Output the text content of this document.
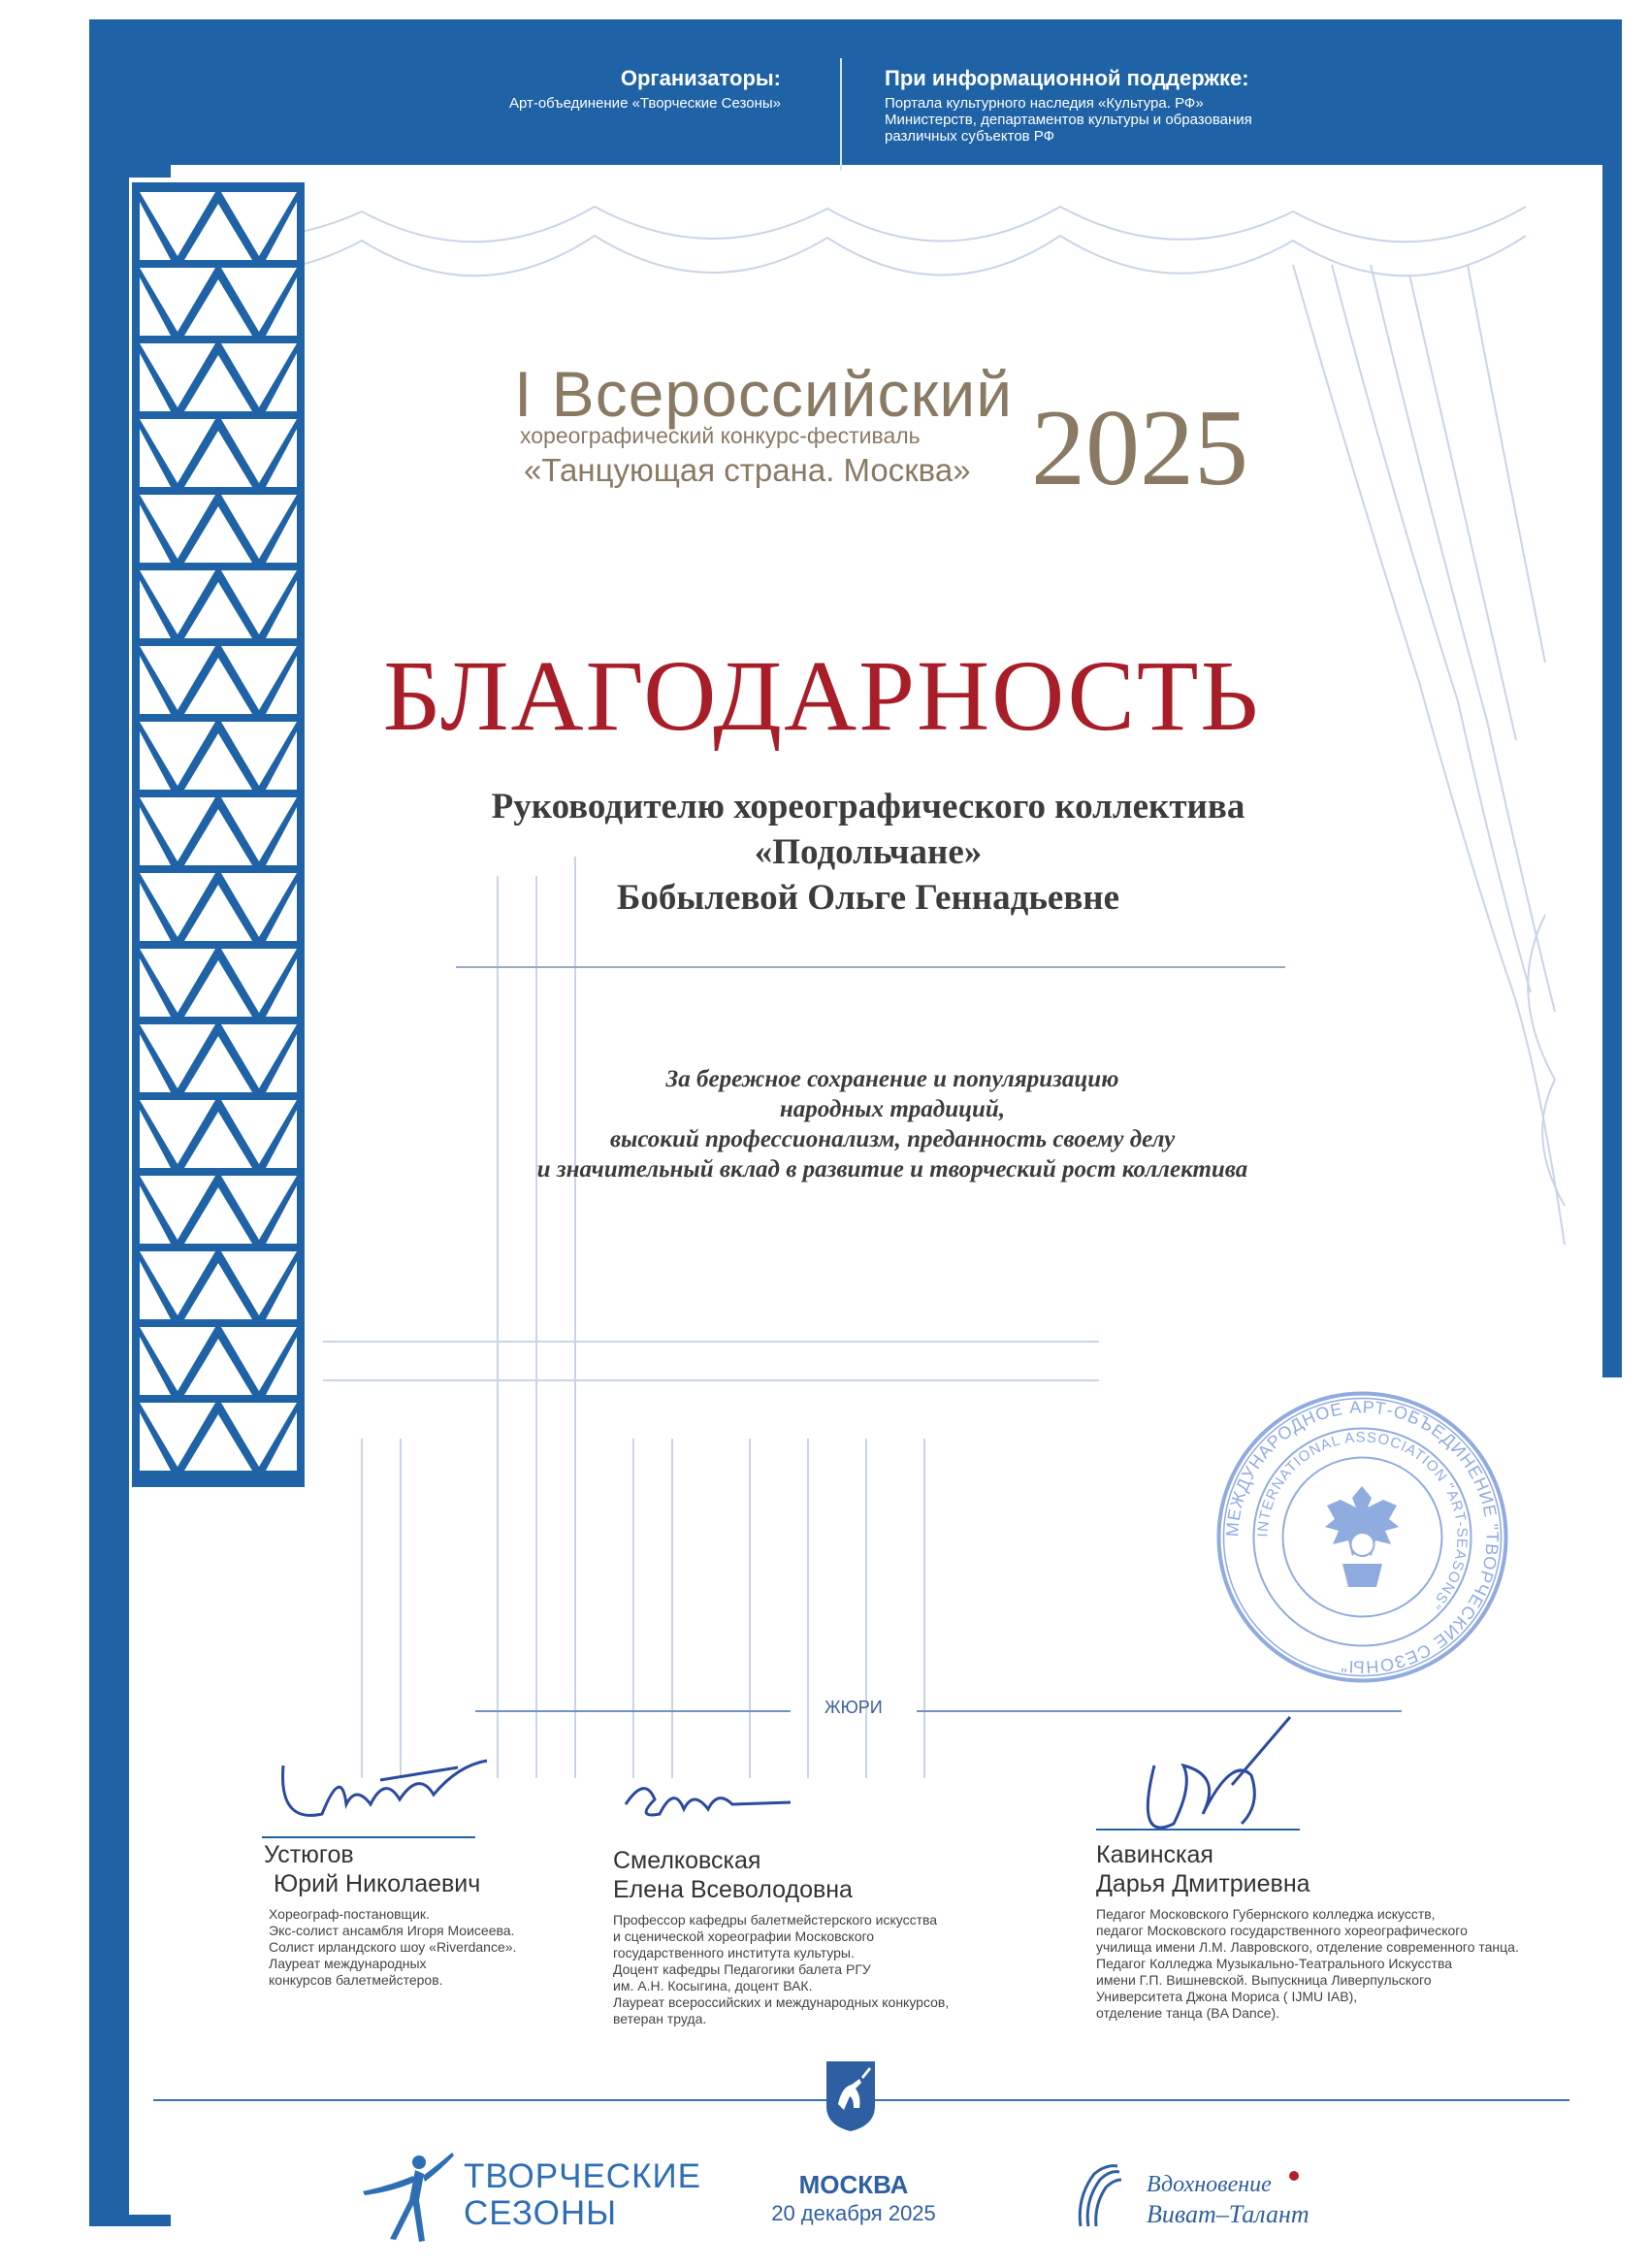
Организаторы:
Арт-объединение «Творческие Сезоны»
При информационной поддержке:
Портала культурного наследия «Культура. РФ»
Министерств, департаментов культуры и образования
различных субъектов РФ
I Всероссийский
хореографический конкурс-фестиваль
«Танцующая страна. Москва» 2025
БЛАГОДАРНОСТЬ
Руководителю хореографического коллектива
«Подольчане»
Бобылевой Ольге Геннадьевне
За бережное сохранение и популяризацию
народных традиций,
высокий профессионализм, преданность своему делу
и значительный вклад в развитие и творческий рост коллектива
МЕЖДУНАРОДНОЕ АРТ-ОБЪЕДИНЕНИЕ "ТВОРЧЕСКИЕ СЕЗОНЫ"
INTERNATIONAL ASSOCIATION "ART-SEASONS"
ЖЮРИ
Устюгов
Юрий Николаевич
Хореограф-постановщик.
Экс-солист ансамбля Игоря Моисеева.
Солист ирландского шоу «Riverdance».
Лауреат международных
конкурсов балетмейстеров.
Смелковская
Елена Всеволодовна
Профессор кафедры балетмейстерского искусства
и сценической хореографии Московского
государственного института культуры.
Доцент кафедры Педагогики балета РГУ
им. А.Н. Косыгина, доцент ВАК.
Лауреат всероссийских и международных конкурсов,
ветеран труда.
Кавинская
Дарья Дмитриевна
Педагог Московского Губернского колледжа искусств,
педагог Московского государственного хореографического
училища имени Л.М. Лавровского, отделение современного танца.
Педагог Колледжа Музыкально-Театрального Искусства
имени Г.П. Вишневской. Выпускница Ливерпульского
Университета Джона Мориса ( IJMU IAB),
отделение танца (BA Dance).
ТВОРЧЕСКИЕ
СЕЗОНЫ
МОСКВА
20 декабря 2025
Вдохновение
Виват–Талант
